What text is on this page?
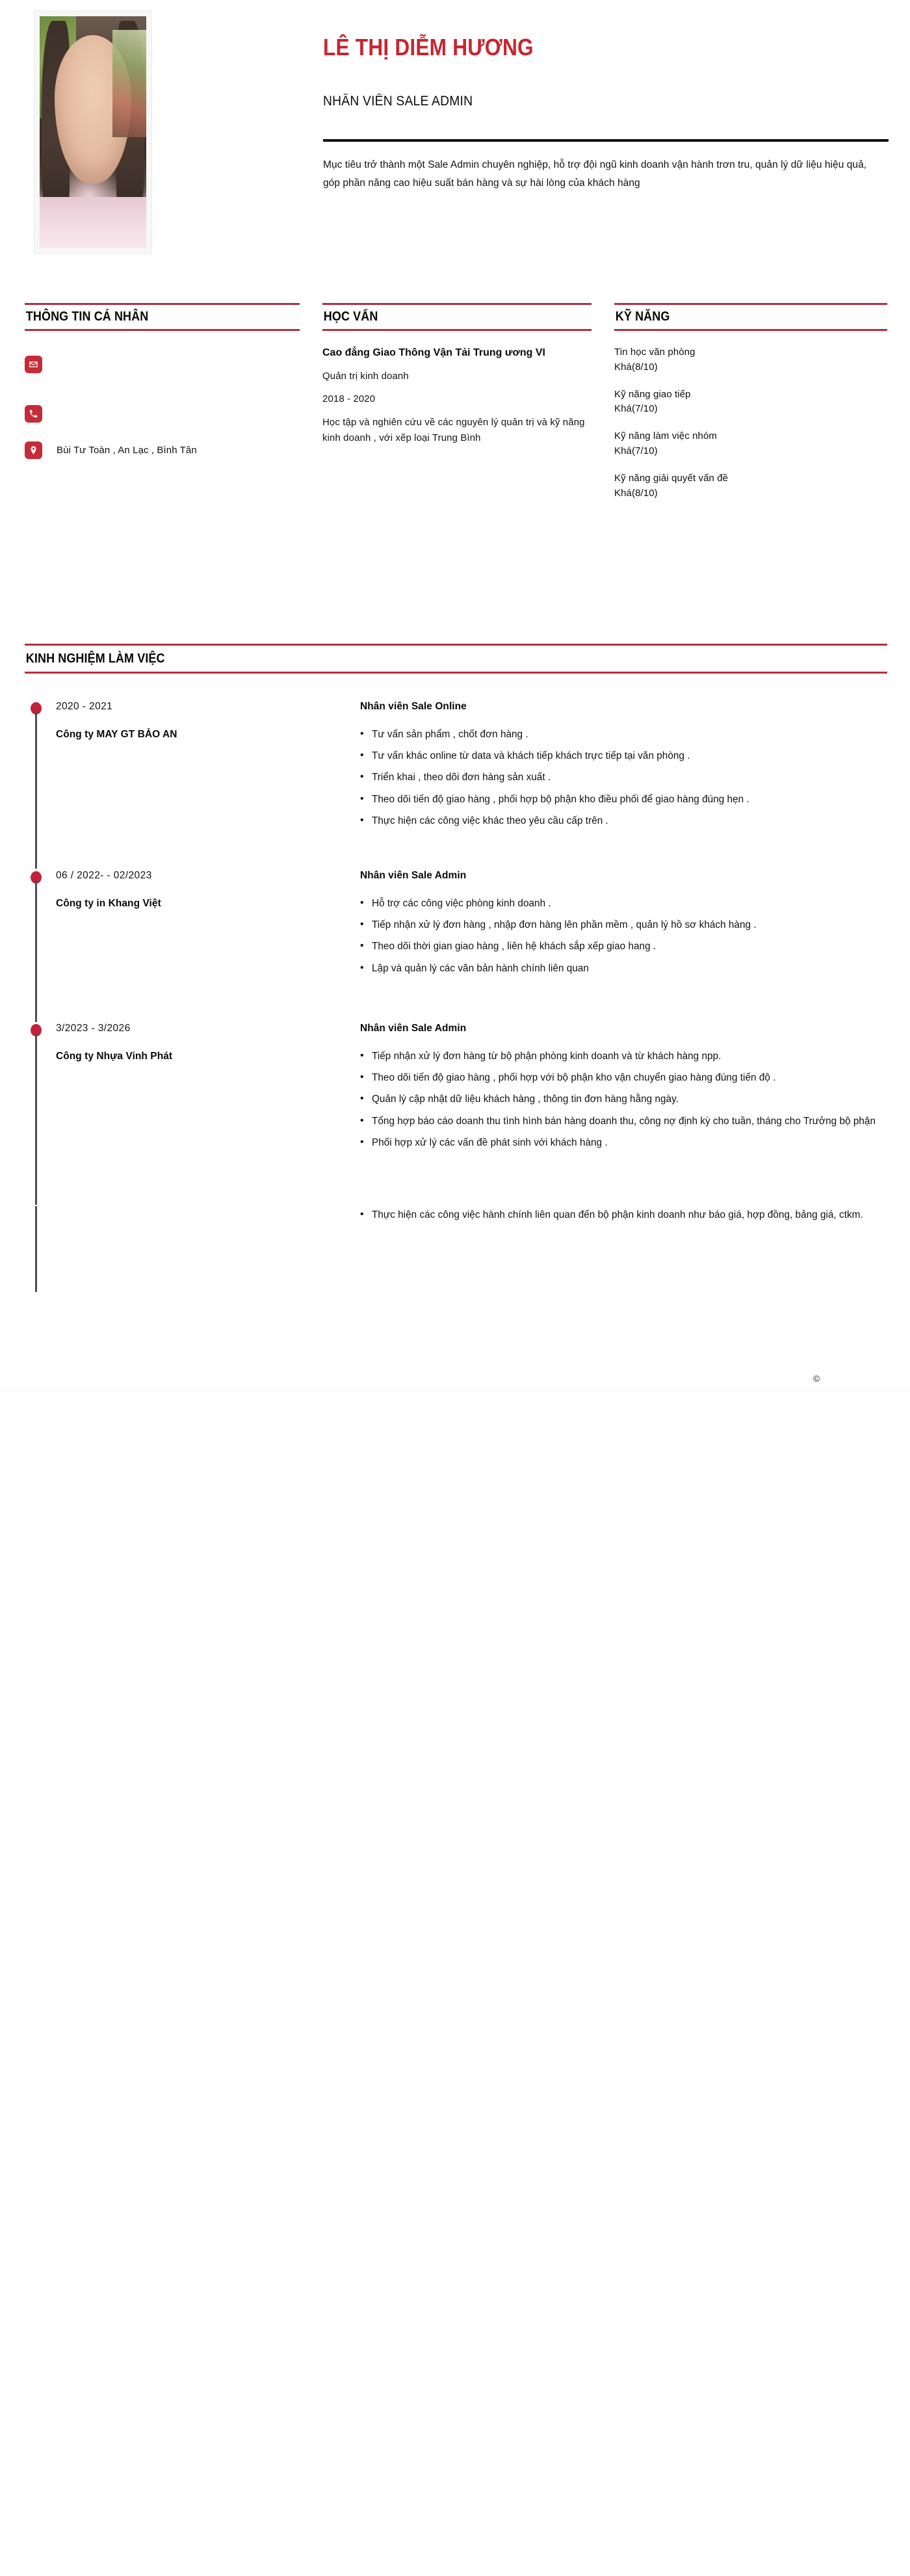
LÊ THỊ DIỄM HƯƠNG
NHÂN VIÊN SALE ADMIN
Mục tiêu trở thành một Sale Admin chuyên nghiệp, hỗ trợ đội ngũ kinh doanh vận hành trơn tru, quản lý dữ liệu hiệu quả, góp phần nâng cao hiệu suất bán hàng và sự hài lòng của khách hàng
THÔNG TIN CÁ NHÂN
Bùi Tư Toàn , An Lạc , Bình Tân
HỌC VẤN
Cao đẳng Giao Thông Vận Tải Trung ương VI
Quản trị kinh doanh
2018 - 2020
Học tập và nghiên cứu về các nguyên lý quản trị và kỹ năng kinh doanh , với xếp loại Trung Bình
KỸ NĂNG
Tin học văn phòng
Khá(8/10)
Kỹ năng giao tiếp
Khá(7/10)
Kỹ năng làm việc nhóm
Khá(7/10)
Kỹ năng giải quyết vấn đề
Khá(8/10)
KINH NGHIỆM LÀM VIỆC
2020 - 2021
Công ty MAY GT BẢO AN
Nhân viên Sale Online
• Tư vấn sản phẩm , chốt đơn hàng .
• Tư vấn khác online từ data và khách tiếp khách trực tiếp tại văn phòng .
• Triển khai , theo dõi đơn hàng sản xuất .
• Theo dõi tiến độ giao hàng , phối hợp bộ phận kho điều phối để giao hàng đúng hẹn .
• Thực hiện các công việc khác theo yêu cầu cấp trên .
06 / 2022- - 02/2023
Công ty in Khang Việt
Nhân viên Sale Admin
• Hỗ trợ các công việc phòng kinh doanh .
• Tiếp nhận xử lý đơn hàng , nhập đơn hàng lên phần mềm , quản lý hồ sơ khách hàng .
• Theo dõi thời gian giao hàng , liên hệ khách sắp xếp giao hang .
• Lập và quản lý các văn bản hành chính liên quan
3/2023 - 3/2026
Công ty Nhựa Vinh Phát
Nhân viên Sale Admin
• Tiếp nhận xử lý đơn hàng từ bộ phận phòng kinh doanh và từ khách hàng npp.
• Theo dõi tiến độ giao hàng , phối hợp với bộ phận kho vận chuyển giao hàng đúng tiến độ .
• Quản lý cập nhật dữ liệu khách hàng , thông tin đơn hàng hằng ngày.
• Tổng hợp báo cáo doanh thu tình hình bán hàng doanh thu, công nợ định kỳ cho tuần, tháng cho Trưởng bộ phận
• Phối hợp xử lý các vấn đề phát sinh với khách hàng .
• Thực hiện các công việc hành chính liên quan đến bộ phận kinh doanh như báo giá, hợp đồng, bảng giá, ctkm.
©
